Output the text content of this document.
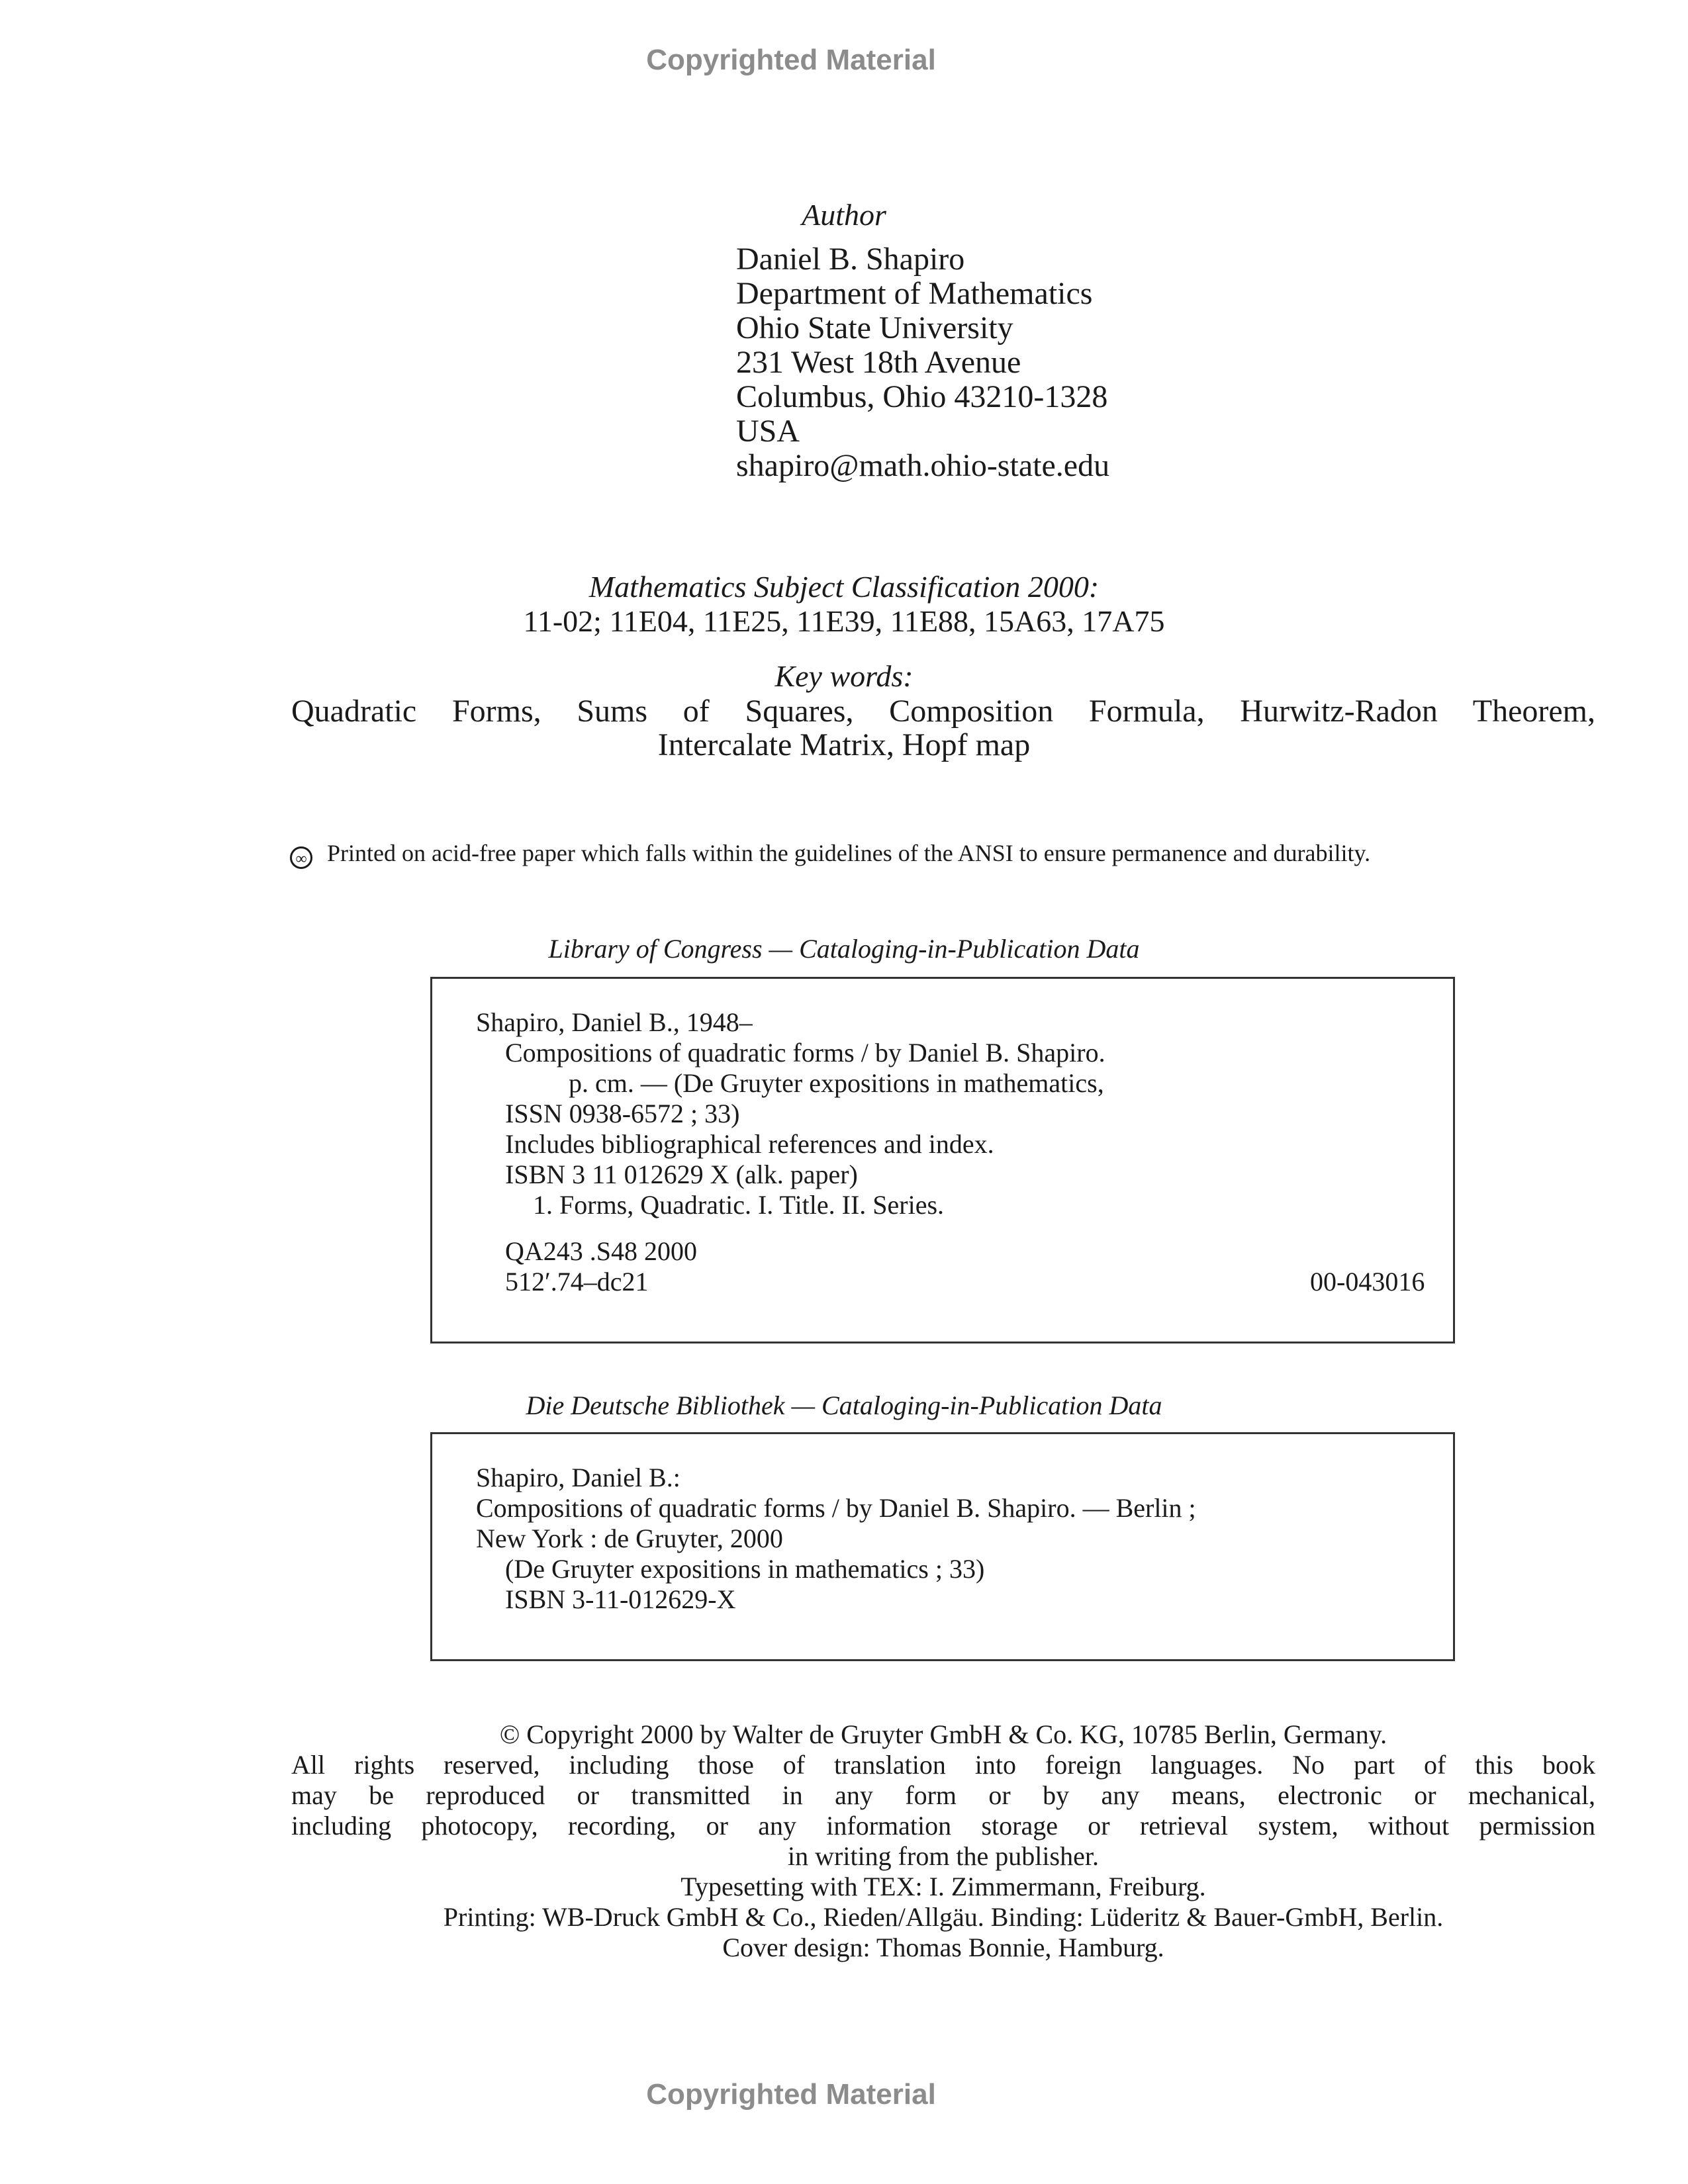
Copyrighted Material
Author
Daniel B. Shapiro
Department of Mathematics
Ohio State University
231 West 18th Avenue
Columbus, Ohio 43210-1328
USA
shapiro@math.ohio-state.edu
Mathematics Subject Classification 2000:
11-02; 11E04, 11E25, 11E39, 11E88, 15A63, 17A75
Key words:
Quadratic Forms, Sums of Squares, Composition Formula, Hurwitz-Radon Theorem,
Intercalate Matrix, Hopf map
∞ Printed on acid-free paper which falls within the guidelines of the ANSI to ensure permanence and durability.
Library of Congress — Cataloging-in-Publication Data
Shapiro, Daniel B., 1948–
Compositions of quadratic forms / by Daniel B. Shapiro.
p. cm. — (De Gruyter expositions in mathematics,
ISSN 0938-6572 ; 33)
Includes bibliographical references and index.
ISBN 3 11 012629 X (alk. paper)
1. Forms, Quadratic. I. Title. II. Series.
QA243 .S48 2000
512′.74–dc21	00-043016
Die Deutsche Bibliothek — Cataloging-in-Publication Data
Shapiro, Daniel B.:
Compositions of quadratic forms / by Daniel B. Shapiro. — Berlin ;
New York : de Gruyter, 2000
(De Gruyter expositions in mathematics ; 33)
ISBN 3-11-012629-X
© Copyright 2000 by Walter de Gruyter GmbH & Co. KG, 10785 Berlin, Germany.
All rights reserved, including those of translation into foreign languages. No part of this book
may be reproduced or transmitted in any form or by any means, electronic or mechanical,
including photocopy, recording, or any information storage or retrieval system, without permission
in writing from the publisher.
Typesetting with TEX: I. Zimmermann, Freiburg.
Printing: WB-Druck GmbH & Co., Rieden/Allgäu. Binding: Lüderitz & Bauer-GmbH, Berlin.
Cover design: Thomas Bonnie, Hamburg.
Copyrighted Material
